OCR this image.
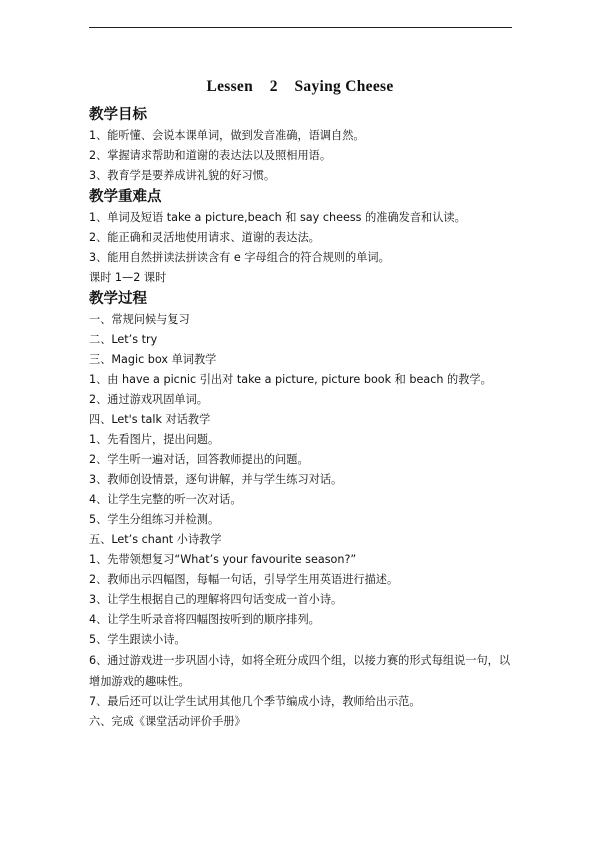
Lessen    2    Saying Cheese
教学目标
1、能听懂、会说本课单词，做到发音准确，语调自然。
2、掌握请求帮助和道谢的表达法以及照相用语。
3、教育学是要养成讲礼貌的好习惯。
教学重难点
1、单词及短语 take a picture,beach 和 say cheess 的准确发音和认读。
2、能正确和灵活地使用请求、道谢的表达法。
3、能用自然拼读法拼读含有 e 字母组合的符合规则的单词。
课时 1—2 课时
教学过程
一、常规问候与复习
二、Let’s try
三、Magic box 单词教学
1、由 have a picnic 引出对 take a picture, picture book 和 beach 的教学。
2、通过游戏巩固单词。
四、Let's talk 对话教学
1、先看图片，提出问题。
2、学生听一遍对话，回答教师提出的问题。
3、教师创设情景，逐句讲解，并与学生练习对话。
4、让学生完整的听一次对话。
5、学生分组练习并检测。
五、Let’s chant 小诗教学
1、先带领想复习“What’s your favourite season?”
2、教师出示四幅图，每幅一句话，引导学生用英语进行描述。
3、让学生根据自己的理解将四句话变成一首小诗。
4、让学生听录音将四幅图按听到的顺序排列。
5、学生跟读小诗。
6、通过游戏进一步巩固小诗，如将全班分成四个组，以接力赛的形式每组说一句，以增加游戏的趣味性。
7、最后还可以让学生试用其他几个季节编成小诗，教师给出示范。
六、完成《课堂活动评价手册》
